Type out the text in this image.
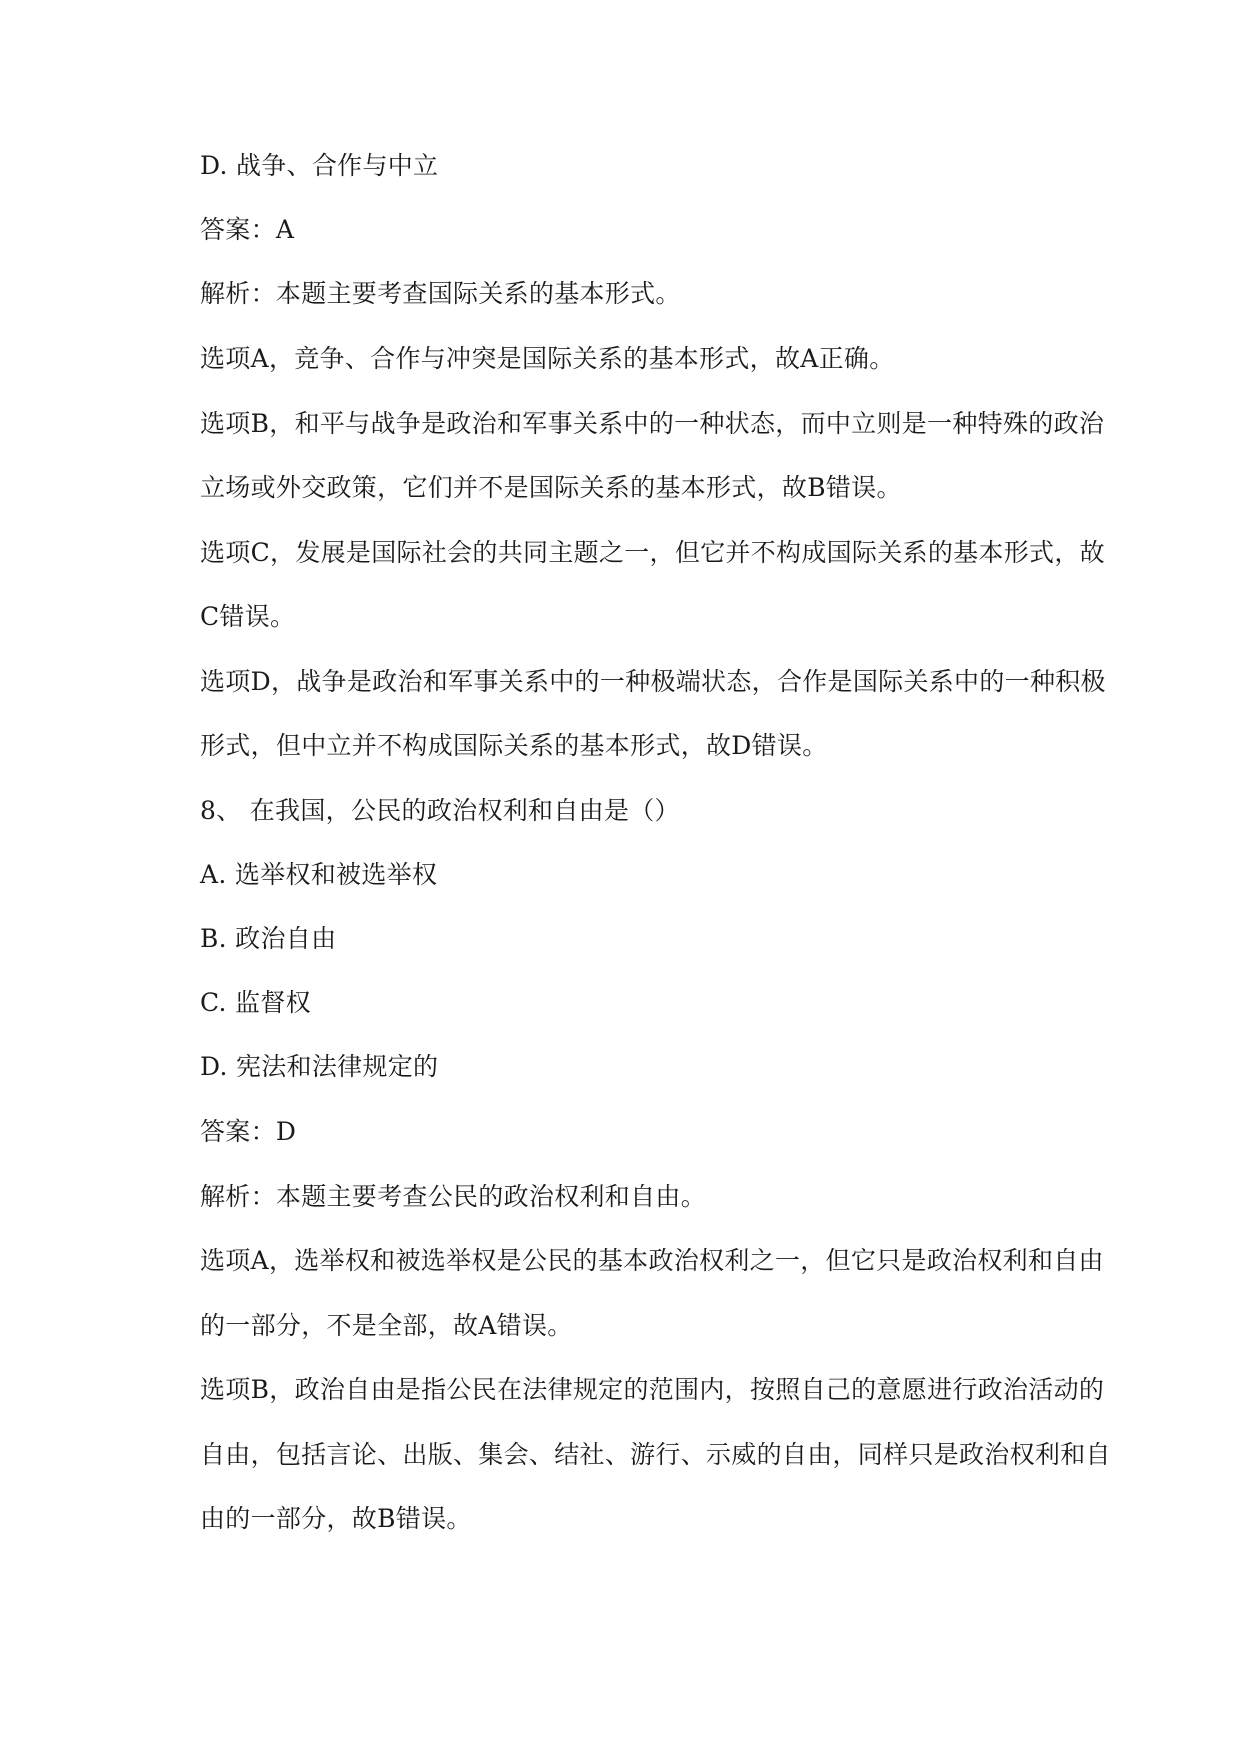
D. 战争、合作与中立
答案：A
解析：本题主要考查国际关系的基本形式。
选项A，竞争、合作与冲突是国际关系的基本形式，故A正确。
选项B，和平与战争是政治和军事关系中的一种状态，而中立则是一种特殊的政治
立场或外交政策，它们并不是国际关系的基本形式，故B错误。
选项C，发展是国际社会的共同主题之一，但它并不构成国际关系的基本形式，故
C错误。
选项D，战争是政治和军事关系中的一种极端状态，合作是国际关系中的一种积极
形式，但中立并不构成国际关系的基本形式，故D错误。
8、 在我国，公民的政治权利和自由是（）
A. 选举权和被选举权
B. 政治自由
C. 监督权
D. 宪法和法律规定的
答案：D
解析：本题主要考查公民的政治权利和自由。
选项A，选举权和被选举权是公民的基本政治权利之一，但它只是政治权利和自由
的一部分，不是全部，故A错误。
选项B，政治自由是指公民在法律规定的范围内，按照自己的意愿进行政治活动的
自由，包括言论、出版、集会、结社、游行、示威的自由，同样只是政治权利和自
由的一部分，故B错误。
